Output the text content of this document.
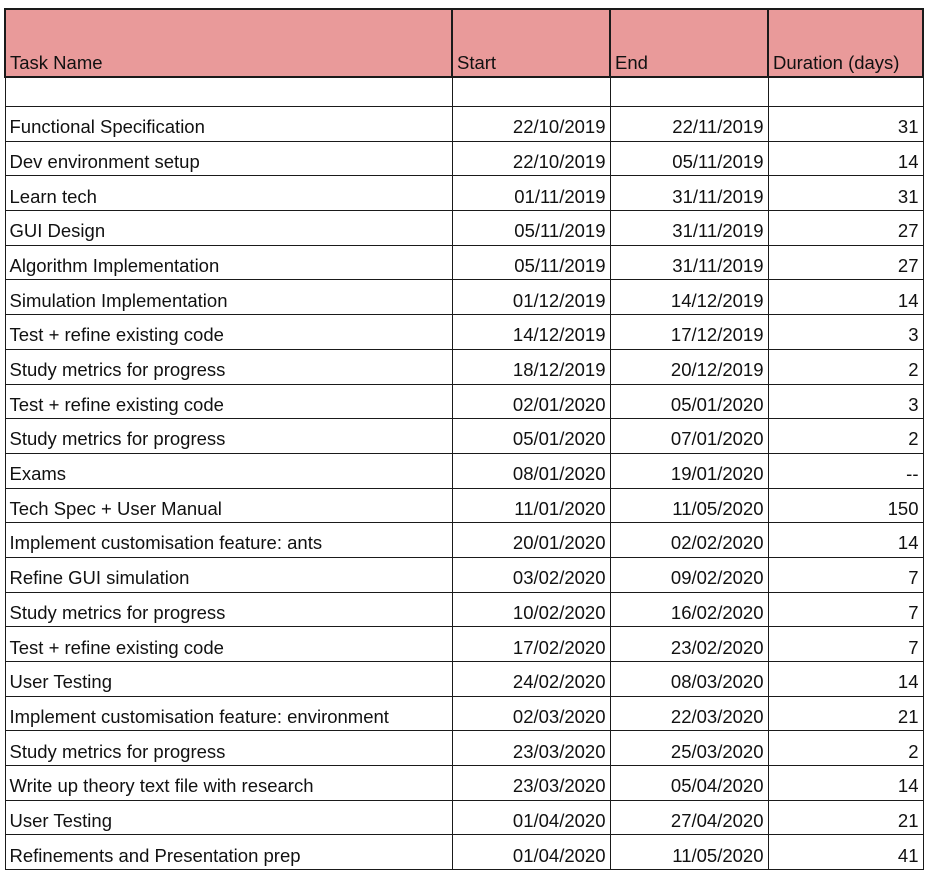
Task Name	Start	End	Duration (days)

Functional Specification	22/10/2019	22/11/2019	31
Dev environment setup	22/10/2019	05/11/2019	14
Learn tech	01/11/2019	31/11/2019	31
GUI Design	05/11/2019	31/11/2019	27
Algorithm Implementation	05/11/2019	31/11/2019	27
Simulation Implementation	01/12/2019	14/12/2019	14
Test + refine existing code	14/12/2019	17/12/2019	3
Study metrics for progress	18/12/2019	20/12/2019	2
Test + refine existing code	02/01/2020	05/01/2020	3
Study metrics for progress	05/01/2020	07/01/2020	2
Exams	08/01/2020	19/01/2020	--
Tech Spec + User Manual	11/01/2020	11/05/2020	150
Implement customisation feature: ants	20/01/2020	02/02/2020	14
Refine GUI simulation	03/02/2020	09/02/2020	7
Study metrics for progress	10/02/2020	16/02/2020	7
Test + refine existing code	17/02/2020	23/02/2020	7
User Testing	24/02/2020	08/03/2020	14
Implement customisation feature: environment	02/03/2020	22/03/2020	21
Study metrics for progress	23/03/2020	25/03/2020	2
Write up theory text file with research	23/03/2020	05/04/2020	14
User Testing	01/04/2020	27/04/2020	21
Refinements and Presentation prep	01/04/2020	11/05/2020	41
